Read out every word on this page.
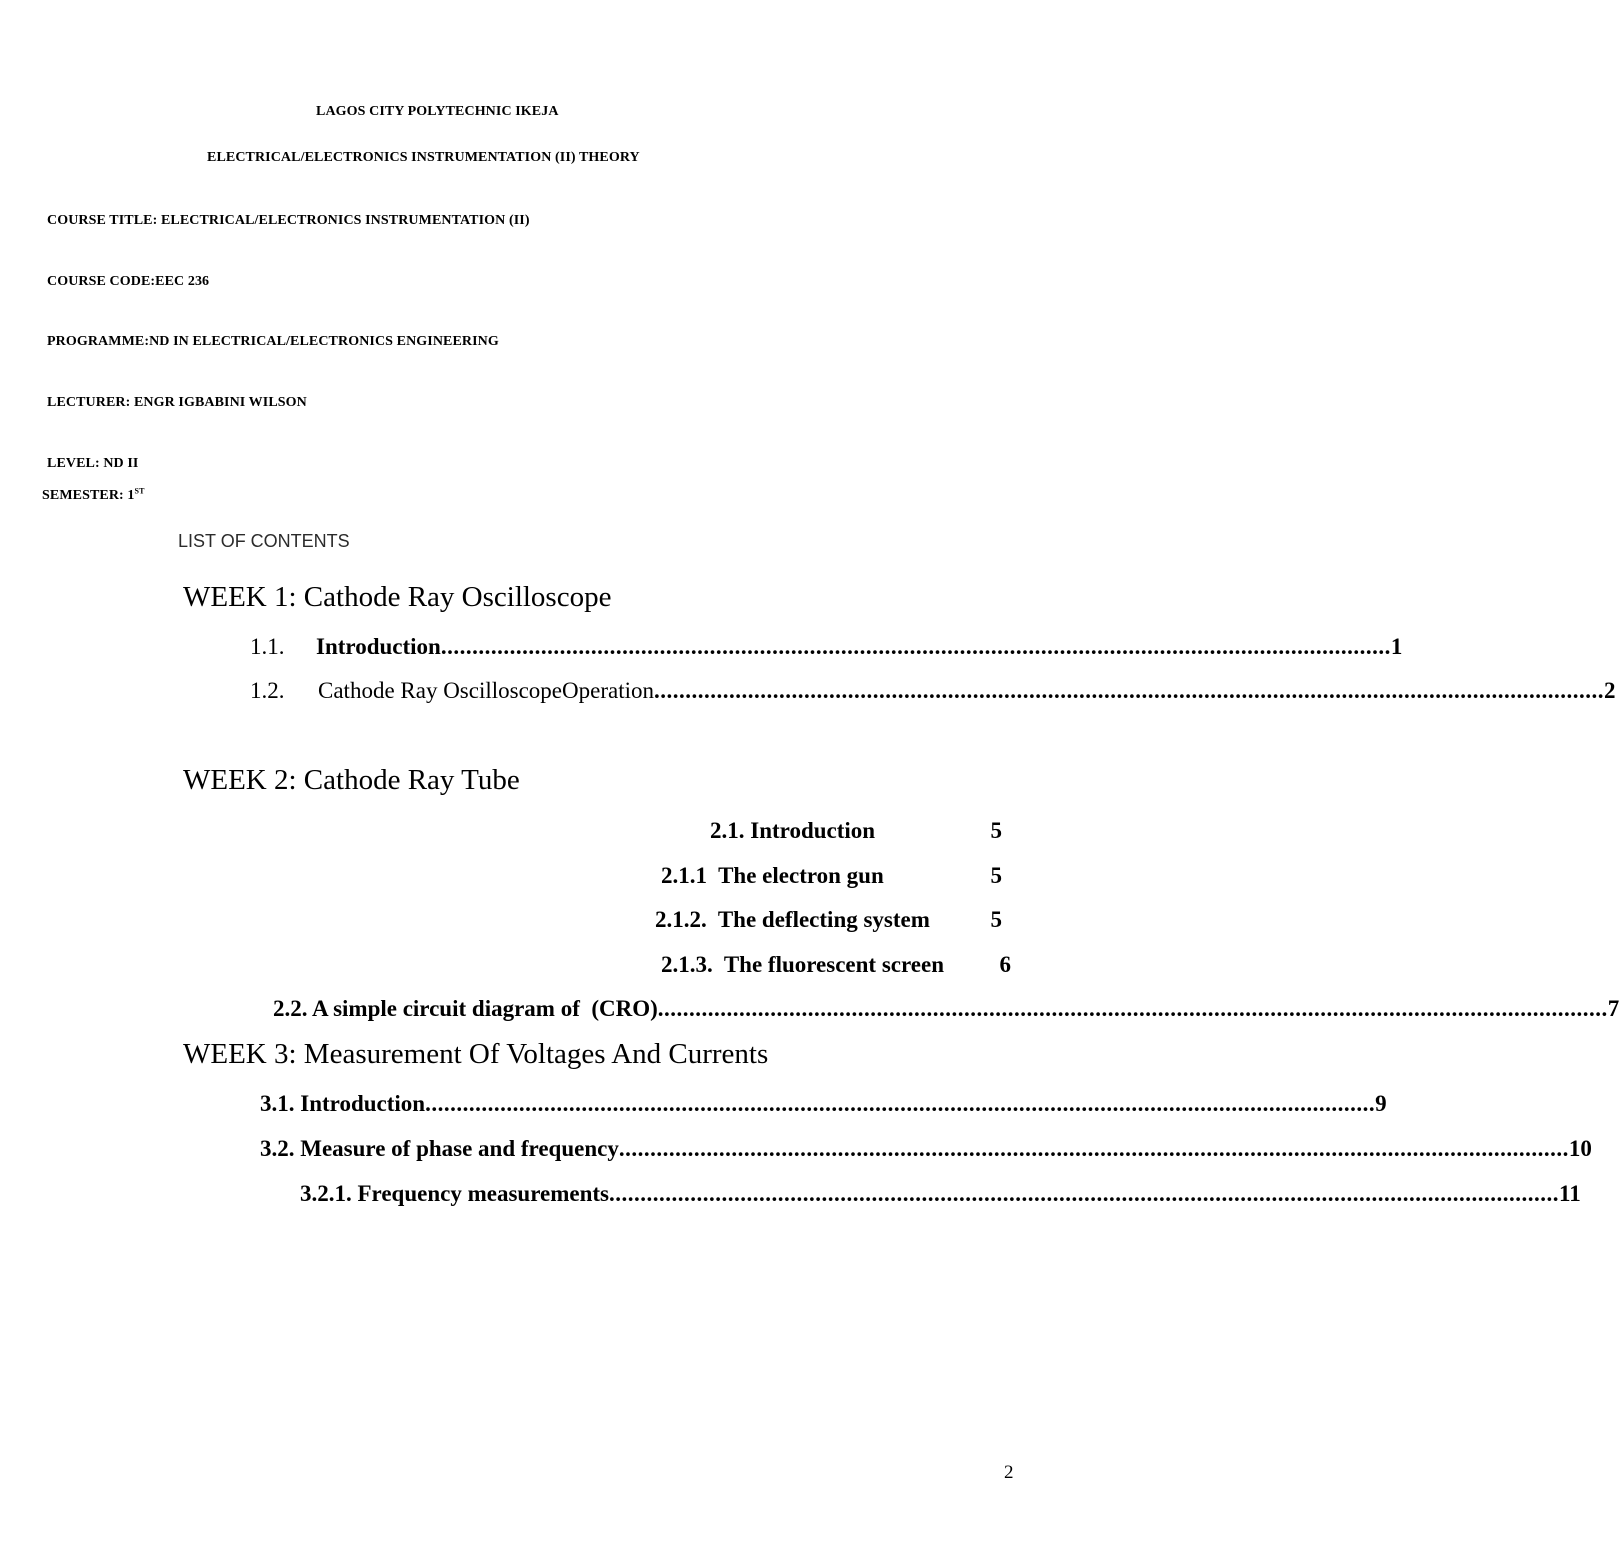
LAGOS CITY POLYTECHNIC IKEJA
ELECTRICAL/ELECTRONICS INSTRUMENTATION (II) THEORY
COURSE TITLE: ELECTRICAL/ELECTRONICS INSTRUMENTATION (II)
COURSE CODE:EEC 236
PROGRAMME:ND IN ELECTRICAL/ELECTRONICS ENGINEERING
LECTURER: ENGR IGBABINI WILSON
LEVEL: ND II
SEMESTER: 1ST
LIST OF CONTENTS
WEEK 1: Cathode Ray Oscilloscope
1.1.	Introduction ........................................................................................................................................................ 1
1.2.	Cathode Ray OscilloscopeOperation ........................................................................................................................................................ 2
WEEK 2: Cathode Ray Tube
2.1. Introduction	5
2.1.1  The electron gun	5
2.1.2.  The deflecting system	5
2.1.3.  The fluorescent screen 6
2.2. A simple circuit diagram of  (CRO) ........................................................................................................................................................ 7
WEEK 3: Measurement Of Voltages And Currents
3.1. Introduction ........................................................................................................................................................ 9
3.2. Measure of phase and frequency ........................................................................................................................................................ 10
3.2.1. Frequency measurements ........................................................................................................................................................ 11
2
